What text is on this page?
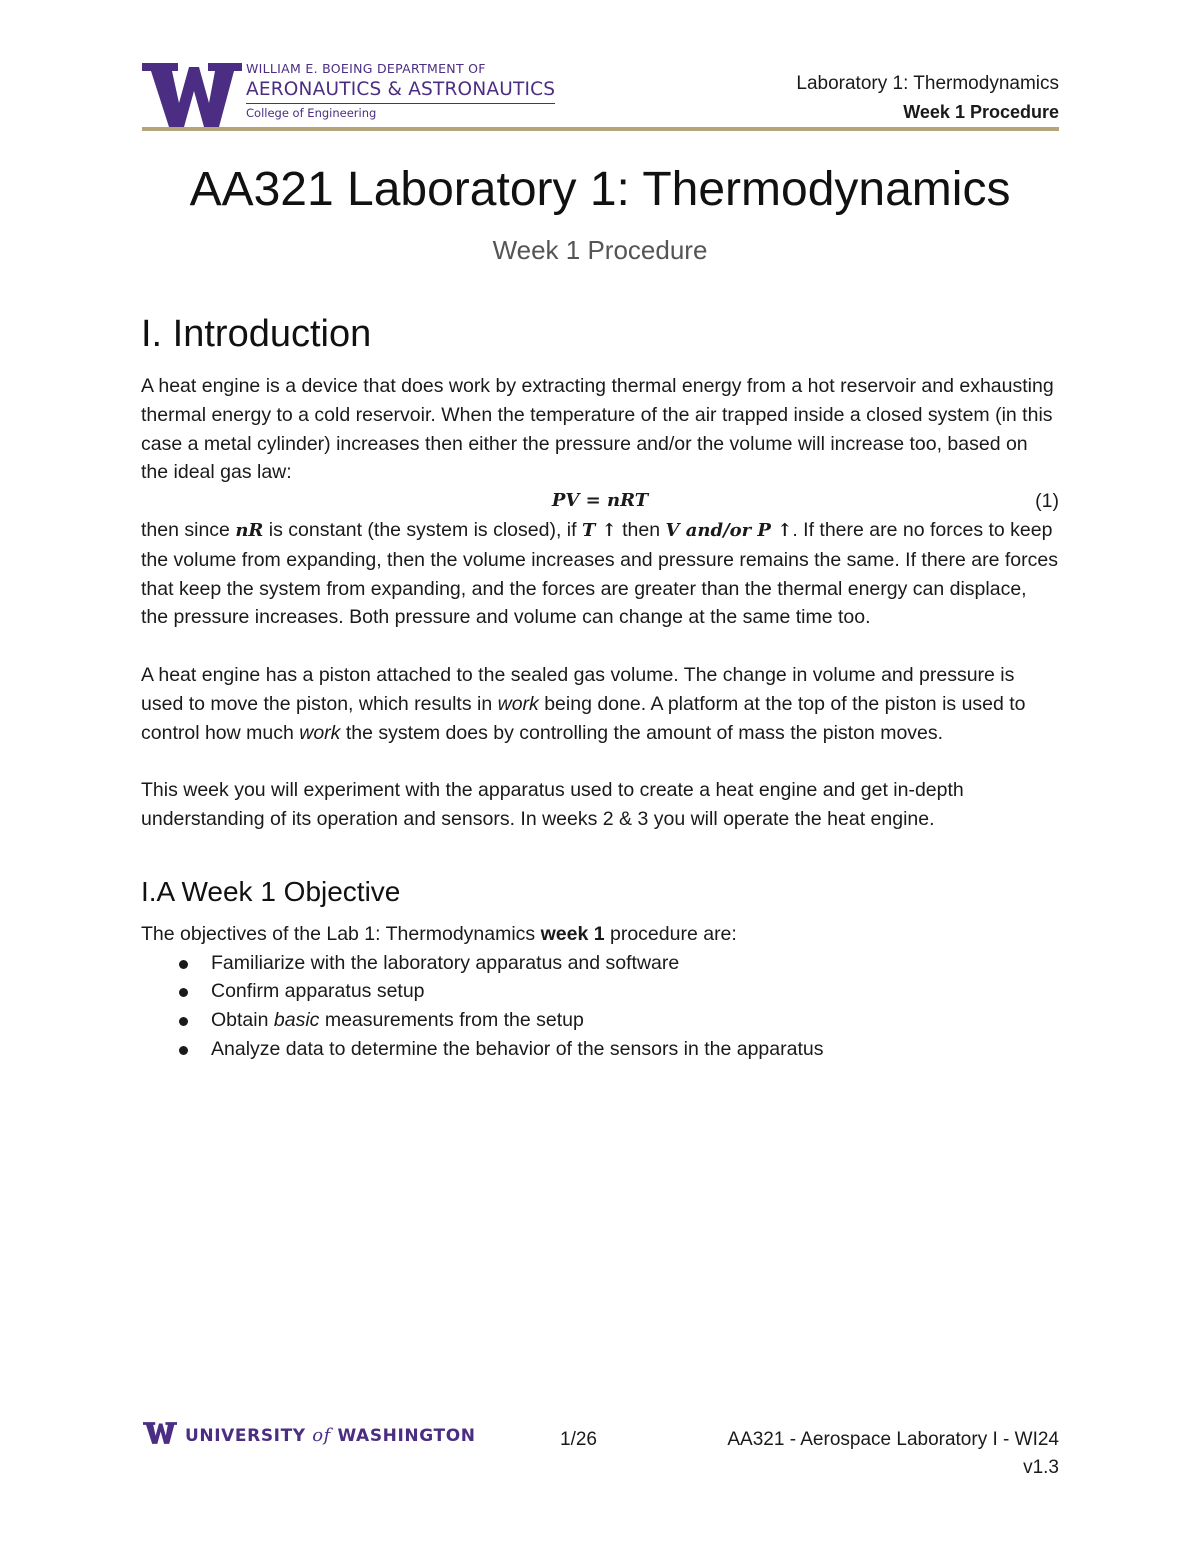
WILLIAM E. BOEING DEPARTMENT OF
AERONAUTICS & ASTRONAUTICS
College of Engineering
Laboratory 1: Thermodynamics
Week 1 Procedure
AA321 Laboratory 1: Thermodynamics
Week 1 Procedure
I. Introduction

A heat engine is a device that does work by extracting thermal energy from a hot reservoir and exhausting thermal energy to a cold reservoir. When the temperature of the air trapped inside a closed system (in this case a metal cylinder) increases then either the pressure and/or the volume will increase too, based on the ideal gas law:

PV = nRT	(1)

then since nR is constant (the system is closed), if T ↑ then V and/or P ↑. If there are no forces to keep the volume from expanding, then the volume increases and pressure remains the same. If there are forces that keep the system from expanding, and the forces are greater than the thermal energy can displace, the pressure increases. Both pressure and volume can change at the same time too.

A heat engine has a piston attached to the sealed gas volume. The change in volume and pressure is used to move the piston, which results in work being done. A platform at the top of the piston is used to control how much work the system does by controlling the amount of mass the piston moves.

This week you will experiment with the apparatus used to create a heat engine and get in-depth understanding of its operation and sensors. In weeks 2 & 3 you will operate the heat engine.

I.A Week 1 Objective

The objectives of the Lab 1: Thermodynamics week 1 procedure are:

Familiarize with the laboratory apparatus and software
Confirm apparatus setup
Obtain basic measurements from the setup
Analyze data to determine the behavior of the sensors in the apparatus
UNIVERSITY of WASHINGTON	1/26	AA321 - Aerospace Laboratory I - WI24
v1.3
